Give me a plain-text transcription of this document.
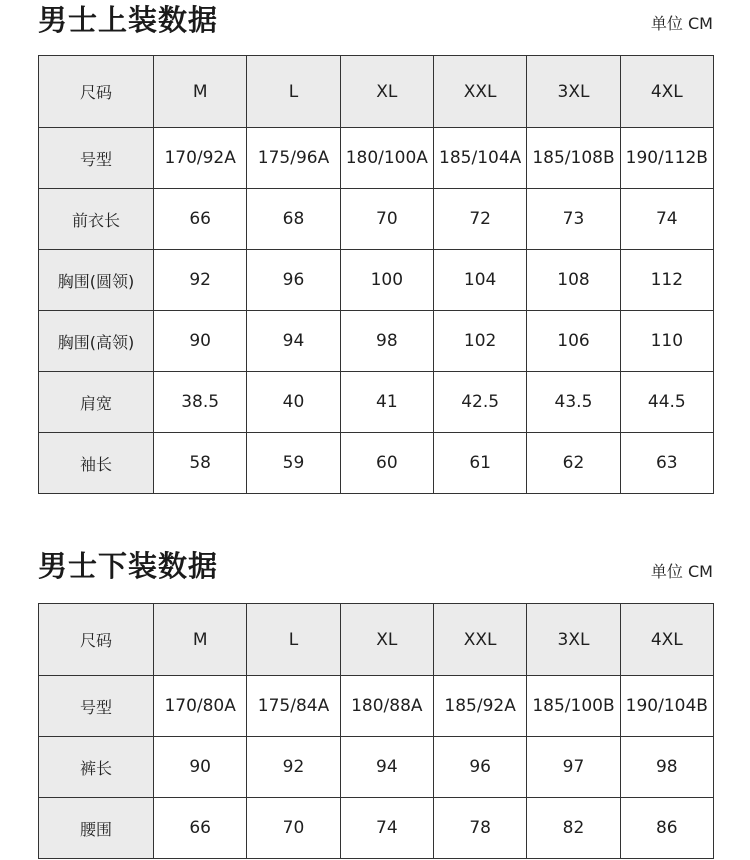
男士上装数据	单位 CM
尺码	M	L	XL	XXL	3XL	4XL
号型	170/92A	175/96A	180/100A	185/104A	185/108B	190/112B
前衣长	66	68	70	72	73	74
胸围(圆领)	92	96	100	104	108	112
胸围(高领)	90	94	98	102	106	110
肩宽	38.5	40	41	42.5	43.5	44.5
袖长	58	59	60	61	62	63
男士下装数据	单位 CM
尺码	M	L	XL	XXL	3XL	4XL
号型	170/80A	175/84A	180/88A	185/92A	185/100B	190/104B
裤长	90	92	94	96	97	98
腰围	66	70	74	78	82	86
